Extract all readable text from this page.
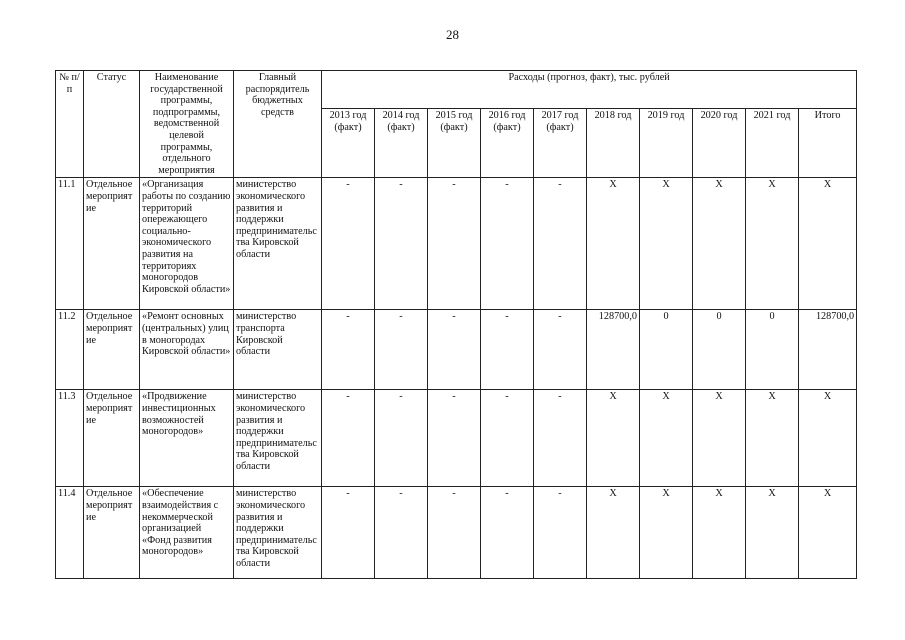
28
№ п/п	Статус	Наименование государственной программы, подпрограммы, ведомственной целевой программы, отдельного мероприятия	Главный распорядитель бюджетных средств	Расходы (прогноз, факт), тыс. рублей									
				2013 год (факт)	2014 год (факт)	2015 год (факт)	2016 год (факт)	2017 год (факт)	2018 год	2019 год	2020 год	2021 год	Итого
11.1	Отдельное мероприятие	«Организация работы по созданию территорий опережающего социально-экономического развития на территориях моногородов Кировской области»	министерство экономического развития и поддержки предпринимательства Кировской области	-	-	-	-	-	X	X	X	X	X
11.2	Отдельное мероприятие	«Ремонт основных (центральных) улиц в моногородах Кировской области»	министерство транспорта Кировской области	-	-	-	-	-	128700,0	0	0	0	128700,0
11.3	Отдельное мероприятие	«Продвижение инвестиционных возможностей моногородов»	министерство экономического развития и поддержки предпринимательства Кировской области	-	-	-	-	-	X	X	X	X	X
11.4	Отдельное мероприятие	«Обеспечение взаимодействия с некоммерческой организацией «Фонд развития моногородов»	министерство экономического развития и поддержки предпринимательства Кировской области	-	-	-	-	-	X	X	X	X	X
